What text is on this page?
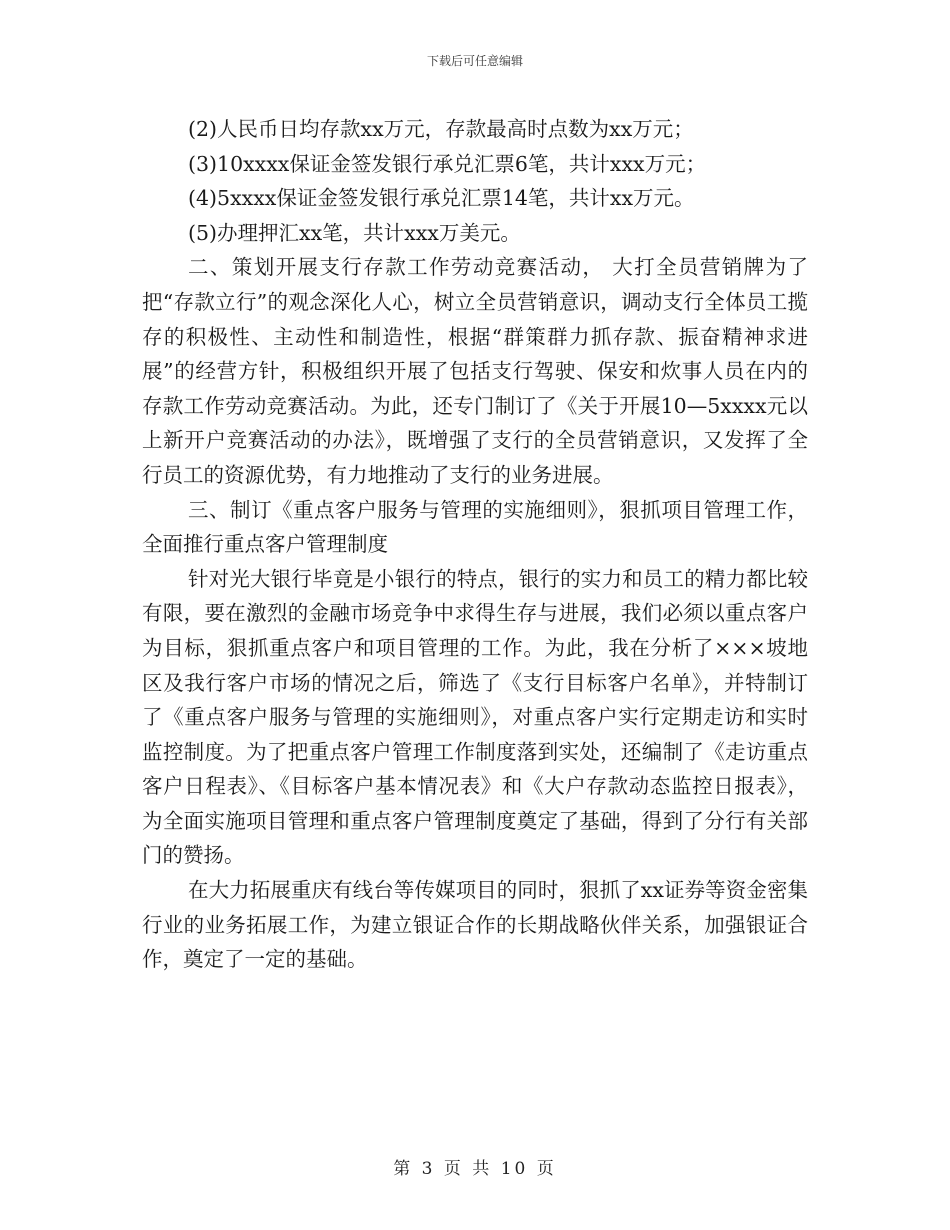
下载后可任意编辑

(2)人民币日均存款xx万元，存款最高时点数为xx万元；

(3)10xxxx保证金签发银行承兑汇票6笔，共计xxx万元；

(4)5xxxx保证金签发银行承兑汇票14笔，共计xx万元。

(5)办理押汇xx笔，共计xxx万美元。

二、策划开展支行存款工作劳动竞赛活动， 大打全员营销牌为了把“存款立行”的观念深化人心，树立全员营销意识，调动支行全体员工揽存的积极性、主动性和制造性，根据“群策群力抓存款、振奋精神求进展”的经营方针，积极组织开展了包括支行驾驶、保安和炊事人员在内的存款工作劳动竞赛活动。为此，还专门制订了《关于开展10—5xxxx元以上新开户竞赛活动的办法》，既增强了支行的全员营销意识，又发挥了全行员工的资源优势，有力地推动了支行的业务进展。

三、制订《重点客户服务与管理的实施细则》，狠抓项目管理工作，全面推行重点客户管理制度

针对光大银行毕竟是小银行的特点，银行的实力和员工的精力都比较有限，要在激烈的金融市场竞争中求得生存与进展，我们必须以重点客户为目标，狠抓重点客户和项目管理的工作。为此，我在分析了×××坡地区及我行客户市场的情况之后，筛选了《支行目标客户名单》，并特制订了《重点客户服务与管理的实施细则》，对重点客户实行定期走访和实时监控制度。为了把重点客户管理工作制度落到实处，还编制了《走访重点客户日程表》、《目标客户基本情况表》和《大户存款动态监控日报表》，为全面实施项目管理和重点客户管理制度奠定了基础，得到了分行有关部门的赞扬。

在大力拓展重庆有线台等传媒项目的同时，狠抓了xx证券等资金密集行业的业务拓展工作，为建立银证合作的长期战略伙伴关系，加强银证合作，奠定了一定的基础。

第 3 页 共 10 页
